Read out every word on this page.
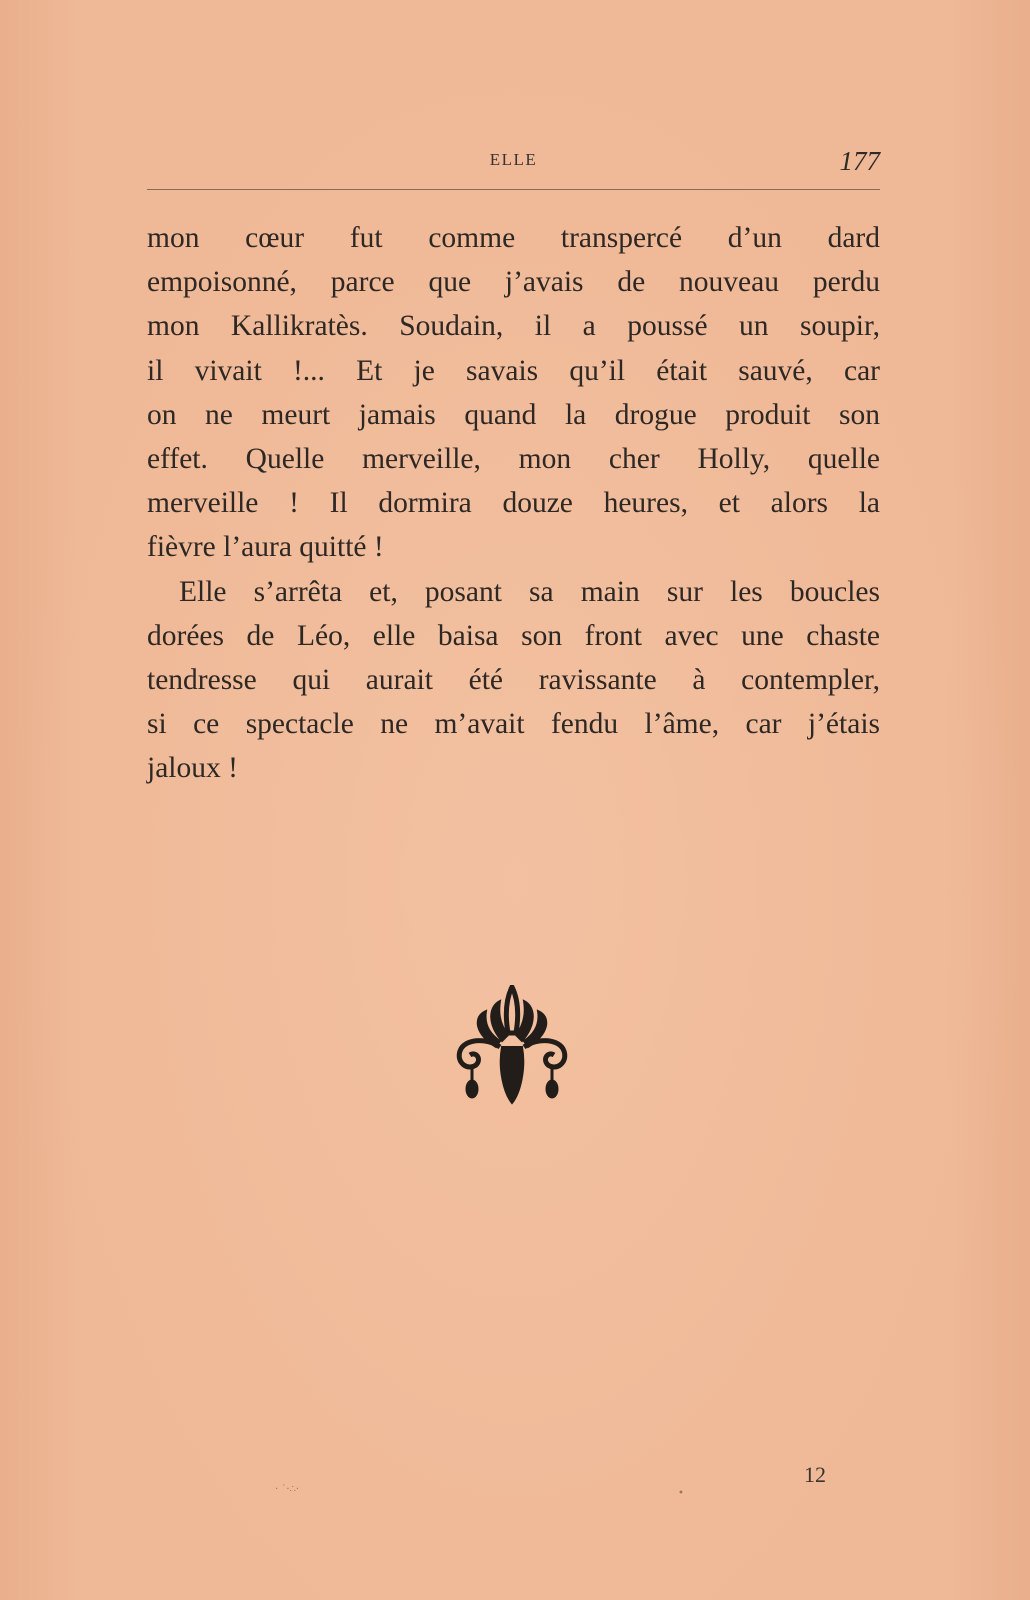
ELLE	177

mon cœur fut comme transpercé d’un dard
empoisonné, parce que j’avais de nouveau perdu
mon Kallikratès. Soudain, il a poussé un soupir,
il vivait !... Et je savais qu’il était sauvé, car
on ne meurt jamais quand la drogue produit son
effet. Quelle merveille, mon cher Holly, quelle
merveille ! Il dormira douze heures, et alors la
fièvre l’aura quitté !

Elle s’arrêta et, posant sa main sur les boucles
dorées de Léo, elle baisa son front avec une chaste
tendresse qui aurait été ravissante à contempler,
si ce spectacle ne m’avait fendu l’âme, car j’étais
jaloux !

12
· ˙·∴·	•
